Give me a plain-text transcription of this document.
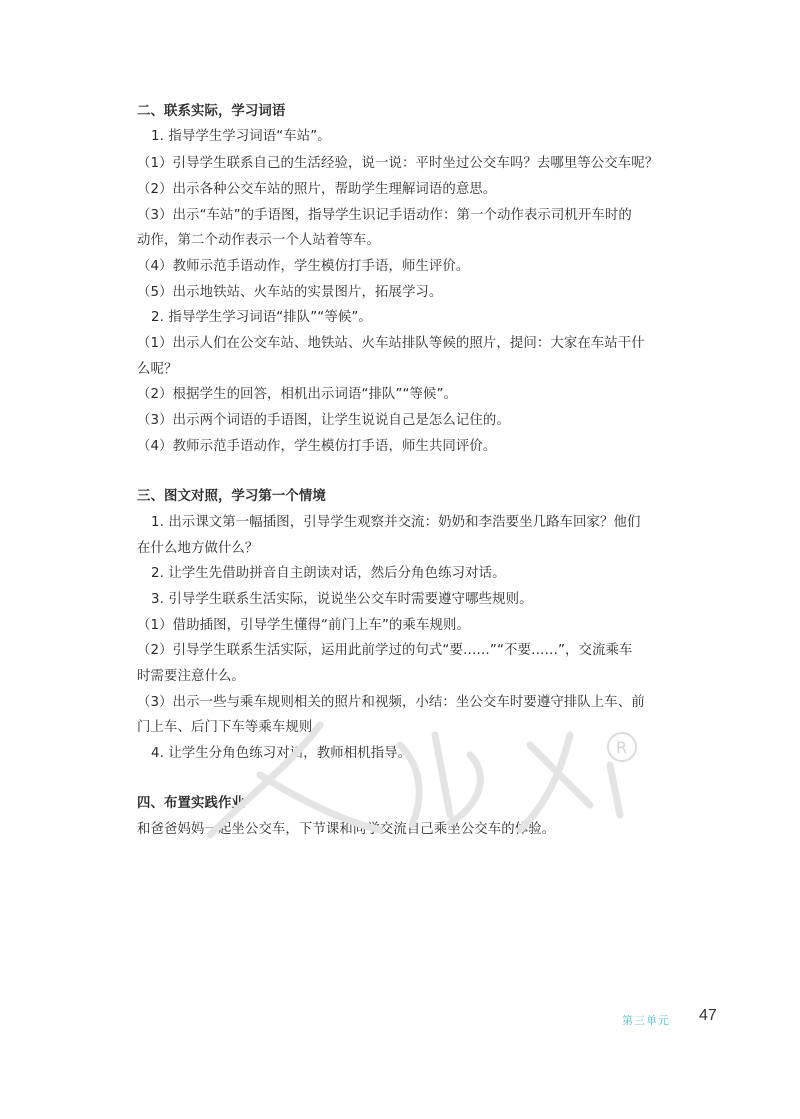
二、联系实际，学习词语

1. 指导学生学习词语“车站”。

（1）引导学生联系自己的生活经验，说一说：平时坐过公交车吗？去哪里等公交车呢？

（2）出示各种公交车站的照片，帮助学生理解词语的意思。

（3）出示“车站”的手语图，指导学生识记手语动作：第一个动作表示司机开车时的

动作，第二个动作表示一个人站着等车。

（4）教师示范手语动作，学生模仿打手语，师生评价。

（5）出示地铁站、火车站的实景图片，拓展学习。

2. 指导学生学习词语“排队”“等候”。

（1）出示人们在公交车站、地铁站、火车站排队等候的照片，提问：大家在车站干什

么呢？

（2）根据学生的回答，相机出示词语“排队”“等候”。

（3）出示两个词语的手语图，让学生说说自己是怎么记住的。

（4）教师示范手语动作，学生模仿打手语，师生共同评价。

三、图文对照，学习第一个情境

1. 出示课文第一幅插图，引导学生观察并交流：奶奶和李浩要坐几路车回家？他们

在什么地方做什么？

2. 让学生先借助拼音自主朗读对话，然后分角色练习对话。

3. 引导学生联系生活实际，说说坐公交车时需要遵守哪些规则。

（1）借助插图，引导学生懂得“前门上车”的乘车规则。

（2）引导学生联系生活实际，运用此前学过的句式“要……”“不要……”，交流乘车

时需要注意什么。

（3）出示一些与乘车规则相关的照片和视频，小结：坐公交车时要遵守排队上车、前

门上车、后门下车等乘车规则。

4. 让学生分角色练习对话，教师相机指导。

四、布置实践作业

和爸爸妈妈一起坐公交车，下节课和同学交流自己乘坐公交车的体验。

R

第三单元 47
